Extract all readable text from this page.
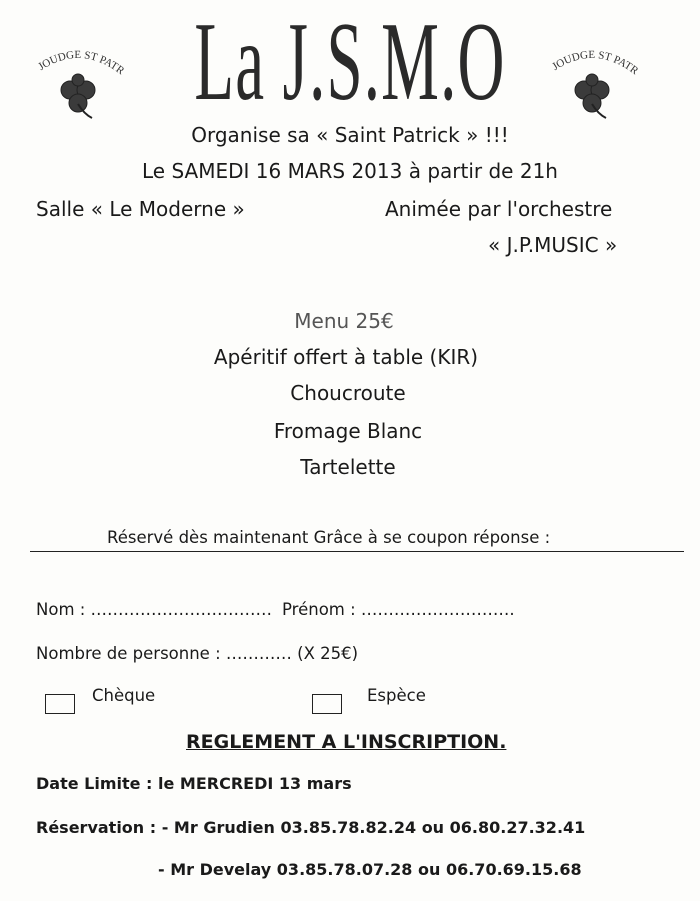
JOUDGE ST PATR	JOUDGE ST PATR
La J.S.M.O
Organise sa « Saint Patrick » !!!
Le SAMEDI 16 MARS 2013 à partir de 21h
Salle « Le Moderne »	Animée par l'orchestre
« J.P.MUSIC »
Menu 25€
Apéritif offert à table (KIR)
Choucroute
Fromage Blanc
Tartelette
Réservé dès maintenant Grâce à se coupon réponse :
Nom : …………………………… Prénom : ……………………….
Nombre de personne : ………… (X 25€)
Chèque	Espèce
REGLEMENT A L'INSCRIPTION.
Date Limite : le MERCREDI 13 mars
Réservation : - Mr Grudien 03.85.78.82.24 ou 06.80.27.32.41
- Mr Develay 03.85.78.07.28 ou 06.70.69.15.68
